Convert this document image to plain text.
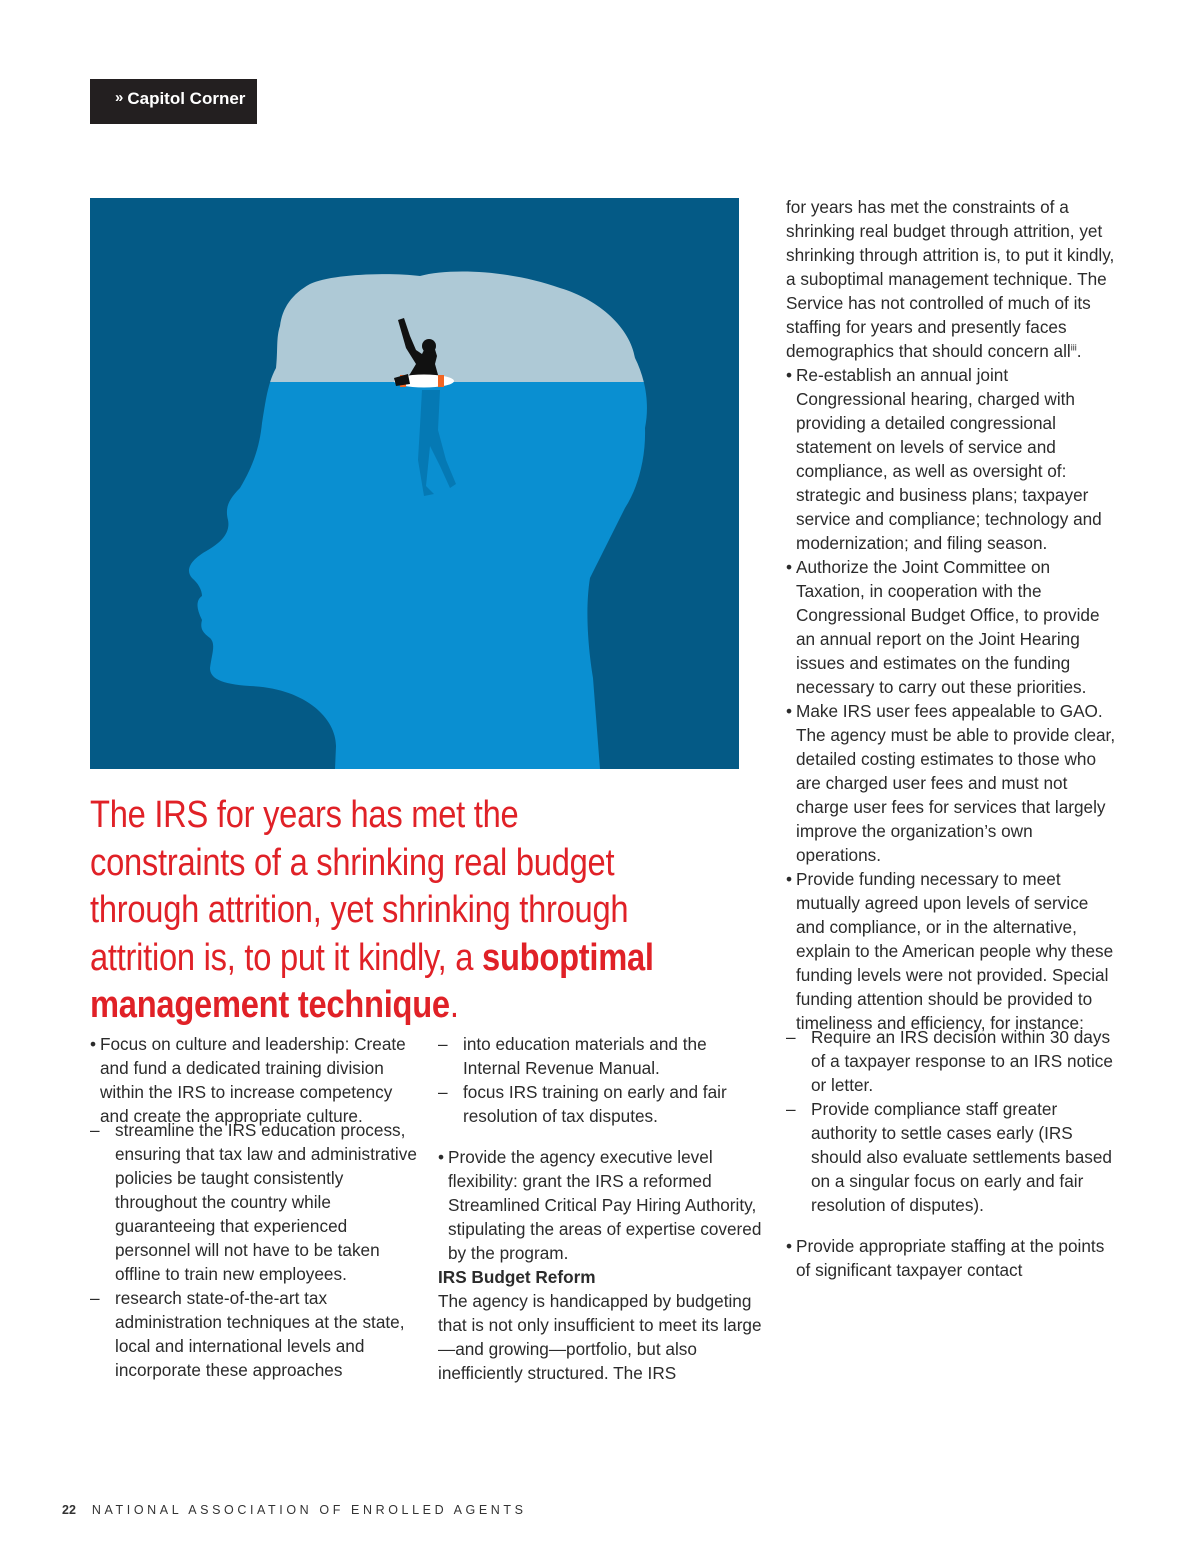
» Capitol Corner
The IRS for years has met the constraints of a shrinking real budget through attrition, yet shrinking through attrition is, to put it kindly, a suboptimal management technique.

• Focus on culture and leadership: Create and fund a dedicated training division within the IRS to increase competency and create the appropriate culture.

– streamline the IRS education process, ensuring that tax law and administrative policies be taught consistently throughout the country while guaranteeing that experienced personnel will not have to be taken offline to train new employees.

– research state-of-the-art tax administration techniques at the state, local and international levels and incorporate these approaches

– into education materials and the Internal Revenue Manual.

– focus IRS training on early and fair resolution of tax disputes.

• Provide the agency executive level flexibility: grant the IRS a reformed Streamlined Critical Pay Hiring Authority, stipulating the areas of expertise covered by the program.

IRS Budget Reform

The agency is handicapped by budgeting that is not only insufficient to meet its large—and growing—portfolio, but also inefficiently structured. The IRS

for years has met the constraints of a shrinking real budget through attrition, yet shrinking through attrition is, to put it kindly, a suboptimal management technique. The Service has not controlled of much of its staffing for years and presently faces demographics that should concern all$^{iii}$.

• Re-establish an annual joint Congressional hearing, charged with providing a detailed congressional statement on levels of service and compliance, as well as oversight of: strategic and business plans; taxpayer service and compliance; technology and modernization; and filing season.

• Authorize the Joint Committee on Taxation, in cooperation with the Congressional Budget Office, to provide an annual report on the Joint Hearing issues and estimates on the funding necessary to carry out these priorities.

• Make IRS user fees appealable to GAO. The agency must be able to provide clear, detailed costing estimates to those who are charged user fees and must not charge user fees for services that largely improve the organization’s own operations.

• Provide funding necessary to meet mutually agreed upon levels of service and compliance, or in the alternative, explain to the American people why these funding levels were not provided. Special funding attention should be provided to timeliness and efficiency, for instance:

– Require an IRS decision within 30 days of a taxpayer response to an IRS notice or letter.

– Provide compliance staff greater authority to settle cases early (IRS should also evaluate settlements based on a singular focus on early and fair resolution of disputes).

• Provide appropriate staffing at the points of significant taxpayer contact

22 NATIONAL ASSOCIATION OF ENROLLED AGENTS
